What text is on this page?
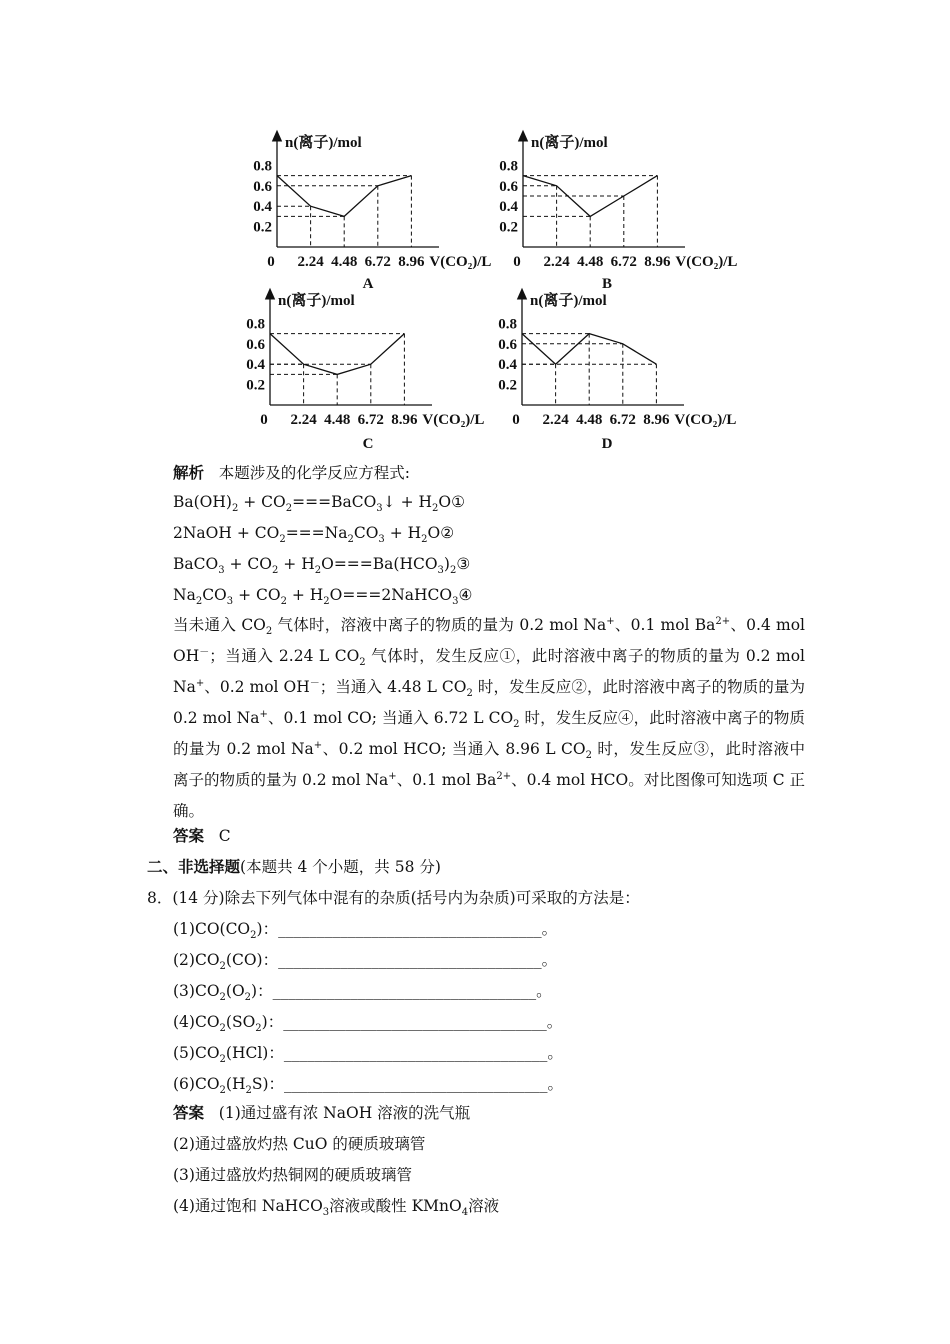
0.8
0.6
0.4
0.2
0 2.24 4.48 6.72 8.96
n(离子)/mol
V(CO₂)/L
A
0.8
0.6
0.4
0.2
0 2.24 4.48 6.72 8.96
n(离子)/mol
V(CO₂)/L
B
0.8
0.6
0.4
0.2
0 2.24 4.48 6.72 8.96
n(离子)/mol
V(CO₂)/L
C
0.8
0.6
0.4
0.2
0 2.24 4.48 6.72 8.96
n(离子)/mol
V(CO₂)/L
D
解析 本题涉及的化学反应方程式:
$Ba(OH)_2$ + $CO_2===BaCO_3↓$ + $H_2O①$
2NaOH + $CO_2===Na_2CO_3$ + $H_2O②$
BaCO$_3$ + $CO_2$ + $H_2O===Ba(HCO_3)_2③$
$Na_2CO_3 + CO_2$ + $H_2O===2NaHCO_3④$
当未通入 $CO_2$ 气体时，溶液中离子的物质的量为 0.2 mol Na+、0.1 mol $Ba^{2+}$、0.4 mol OH－；当通入 2.24 L $CO_2$ 气体时，发生反应①，此时溶液中离子的物质的量为 0.2 mol Na+、0.2 mol OH－；当通入 4.48 L $CO_2$ 时，发生反应②，此时溶液中离子的物质的量为 0.2 mol Na+、0.1 mol CO; 当通入 6.72 L $CO_2$ 时，发生反应④，此时溶液中离子的物质的量为 0.2 mol Na+、0.2 mol HCO; 当通入 8.96 L $CO_2$ 时，发生反应③，此时溶液中离子的物质的量为 0.2 mol Na+、0.1 mol $Ba^{2+}$、0.4 mol HCO。对比图像可知选项 C 正确。
答案 C
二、非选择题(本题共 4 个小题，共 58 分)
8．(14 分)除去下列气体中混有的杂质(括号内为杂质)可采取的方法是：
$(1)CO(CO_2)$：__________________________________。
$(2)CO_2(CO)$：__________________________________。
$(3)CO_2(O_2)$：__________________________________。
$(4)CO_2(SO_2)$：__________________________________。
$(5)CO_2(HCl)$：__________________________________。
$(6)CO_2(H_2S)$：__________________________________。
答案 (1)通过盛有浓 NaOH 溶液的洗气瓶
(2)通过盛放灼热 CuO 的硬质玻璃管
(3)通过盛放灼热铜网的硬质玻璃管
(4)通过饱和 NaHCO$_3$溶液或酸性 KMnO$_4$溶液
